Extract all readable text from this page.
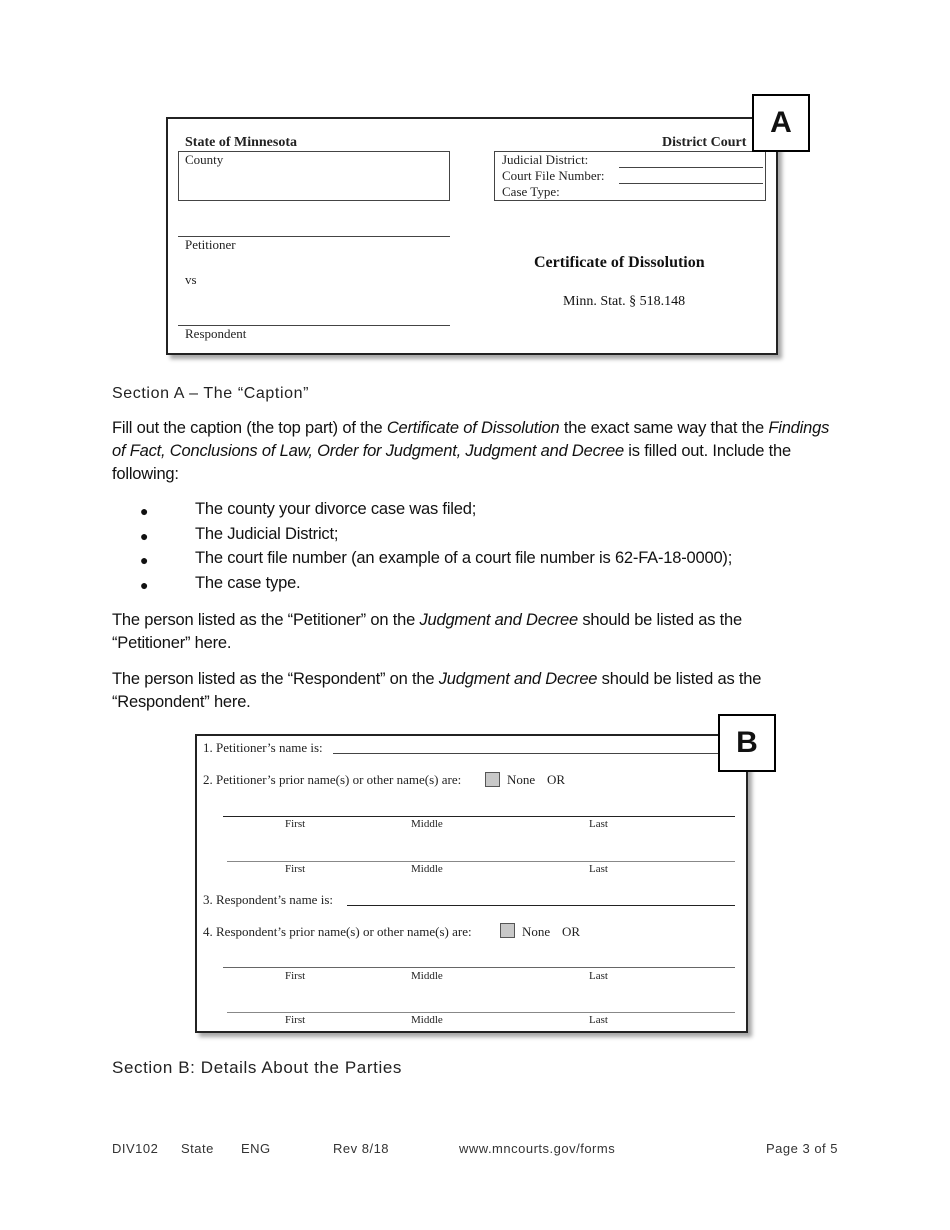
A
State of Minnesota	District Court
County	Judicial District:
Court File Number:
Case Type:
Petitioner
vs
Respondent
Certificate of Dissolution
Minn. Stat. § 518.148
Section A – The “Caption”
Fill out the caption (the top part) of the Certificate of Dissolution the exact same way that the Findings of Fact, Conclusions of Law, Order for Judgment, Judgment and Decree is filled out. Include the following:
●	The county your divorce case was filed;
●	The Judicial District;
●	The court file number (an example of a court file number is 62-FA-18-0000);
●	The case type.
The person listed as the “Petitioner” on the Judgment and Decree should be listed as the “Petitioner” here.
The person listed as the “Respondent” on the Judgment and Decree should be listed as the “Respondent” here.
B
1. Petitioner’s name is:
2. Petitioner’s prior name(s) or other name(s) are:	None OR
First	Middle	Last
First	Middle	Last
3. Respondent’s name is:
4. Respondent’s prior name(s) or other name(s) are:	None OR
First	Middle	Last
First	Middle	Last
Section B: Details About the Parties
DIV102 State ENG	Rev 8/18	www.mncourts.gov/forms	Page 3 of 5
